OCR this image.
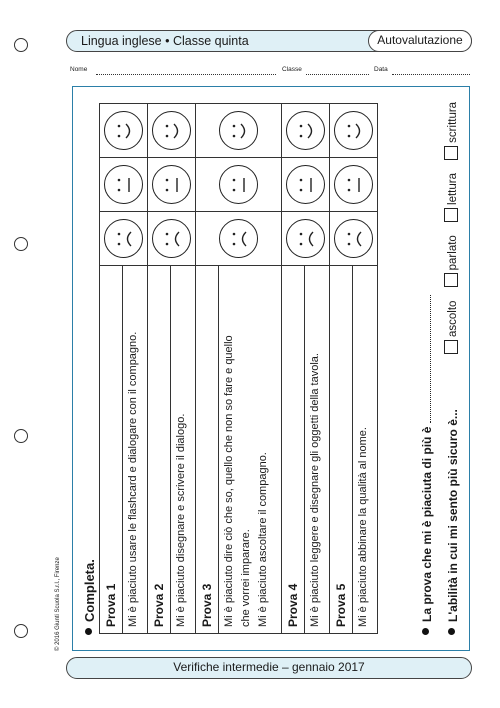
Lingua inglese • Classe quinta	Autovalutazione
Nome	Classe	Data
Completa. Prova 1 Mi è piaciuto usare le flashcard e dialogare con il compagno.

Prova 2 Mi è piaciuto disegnare e scrivere il dialogo.

Prova 3 Mi è piaciuto dire ciò che so, quello che non so fare e quello che vorrei imparare. Mi è piaciuto ascoltare il compagno.

Prova 4 Mi è piaciuto leggere e disegnare gli oggetti della tavola.

Prova 5 Mi è piaciuto abbinare la qualità al nome.

		La prova che mi è piaciuta di più è L'abilità in cui mi sento più sicuro è...
ascolto parlato lettura scrittura
© 2016 Giunti Scuola S.r.l., Firenze
Verifiche intermedie – gennaio 2017
